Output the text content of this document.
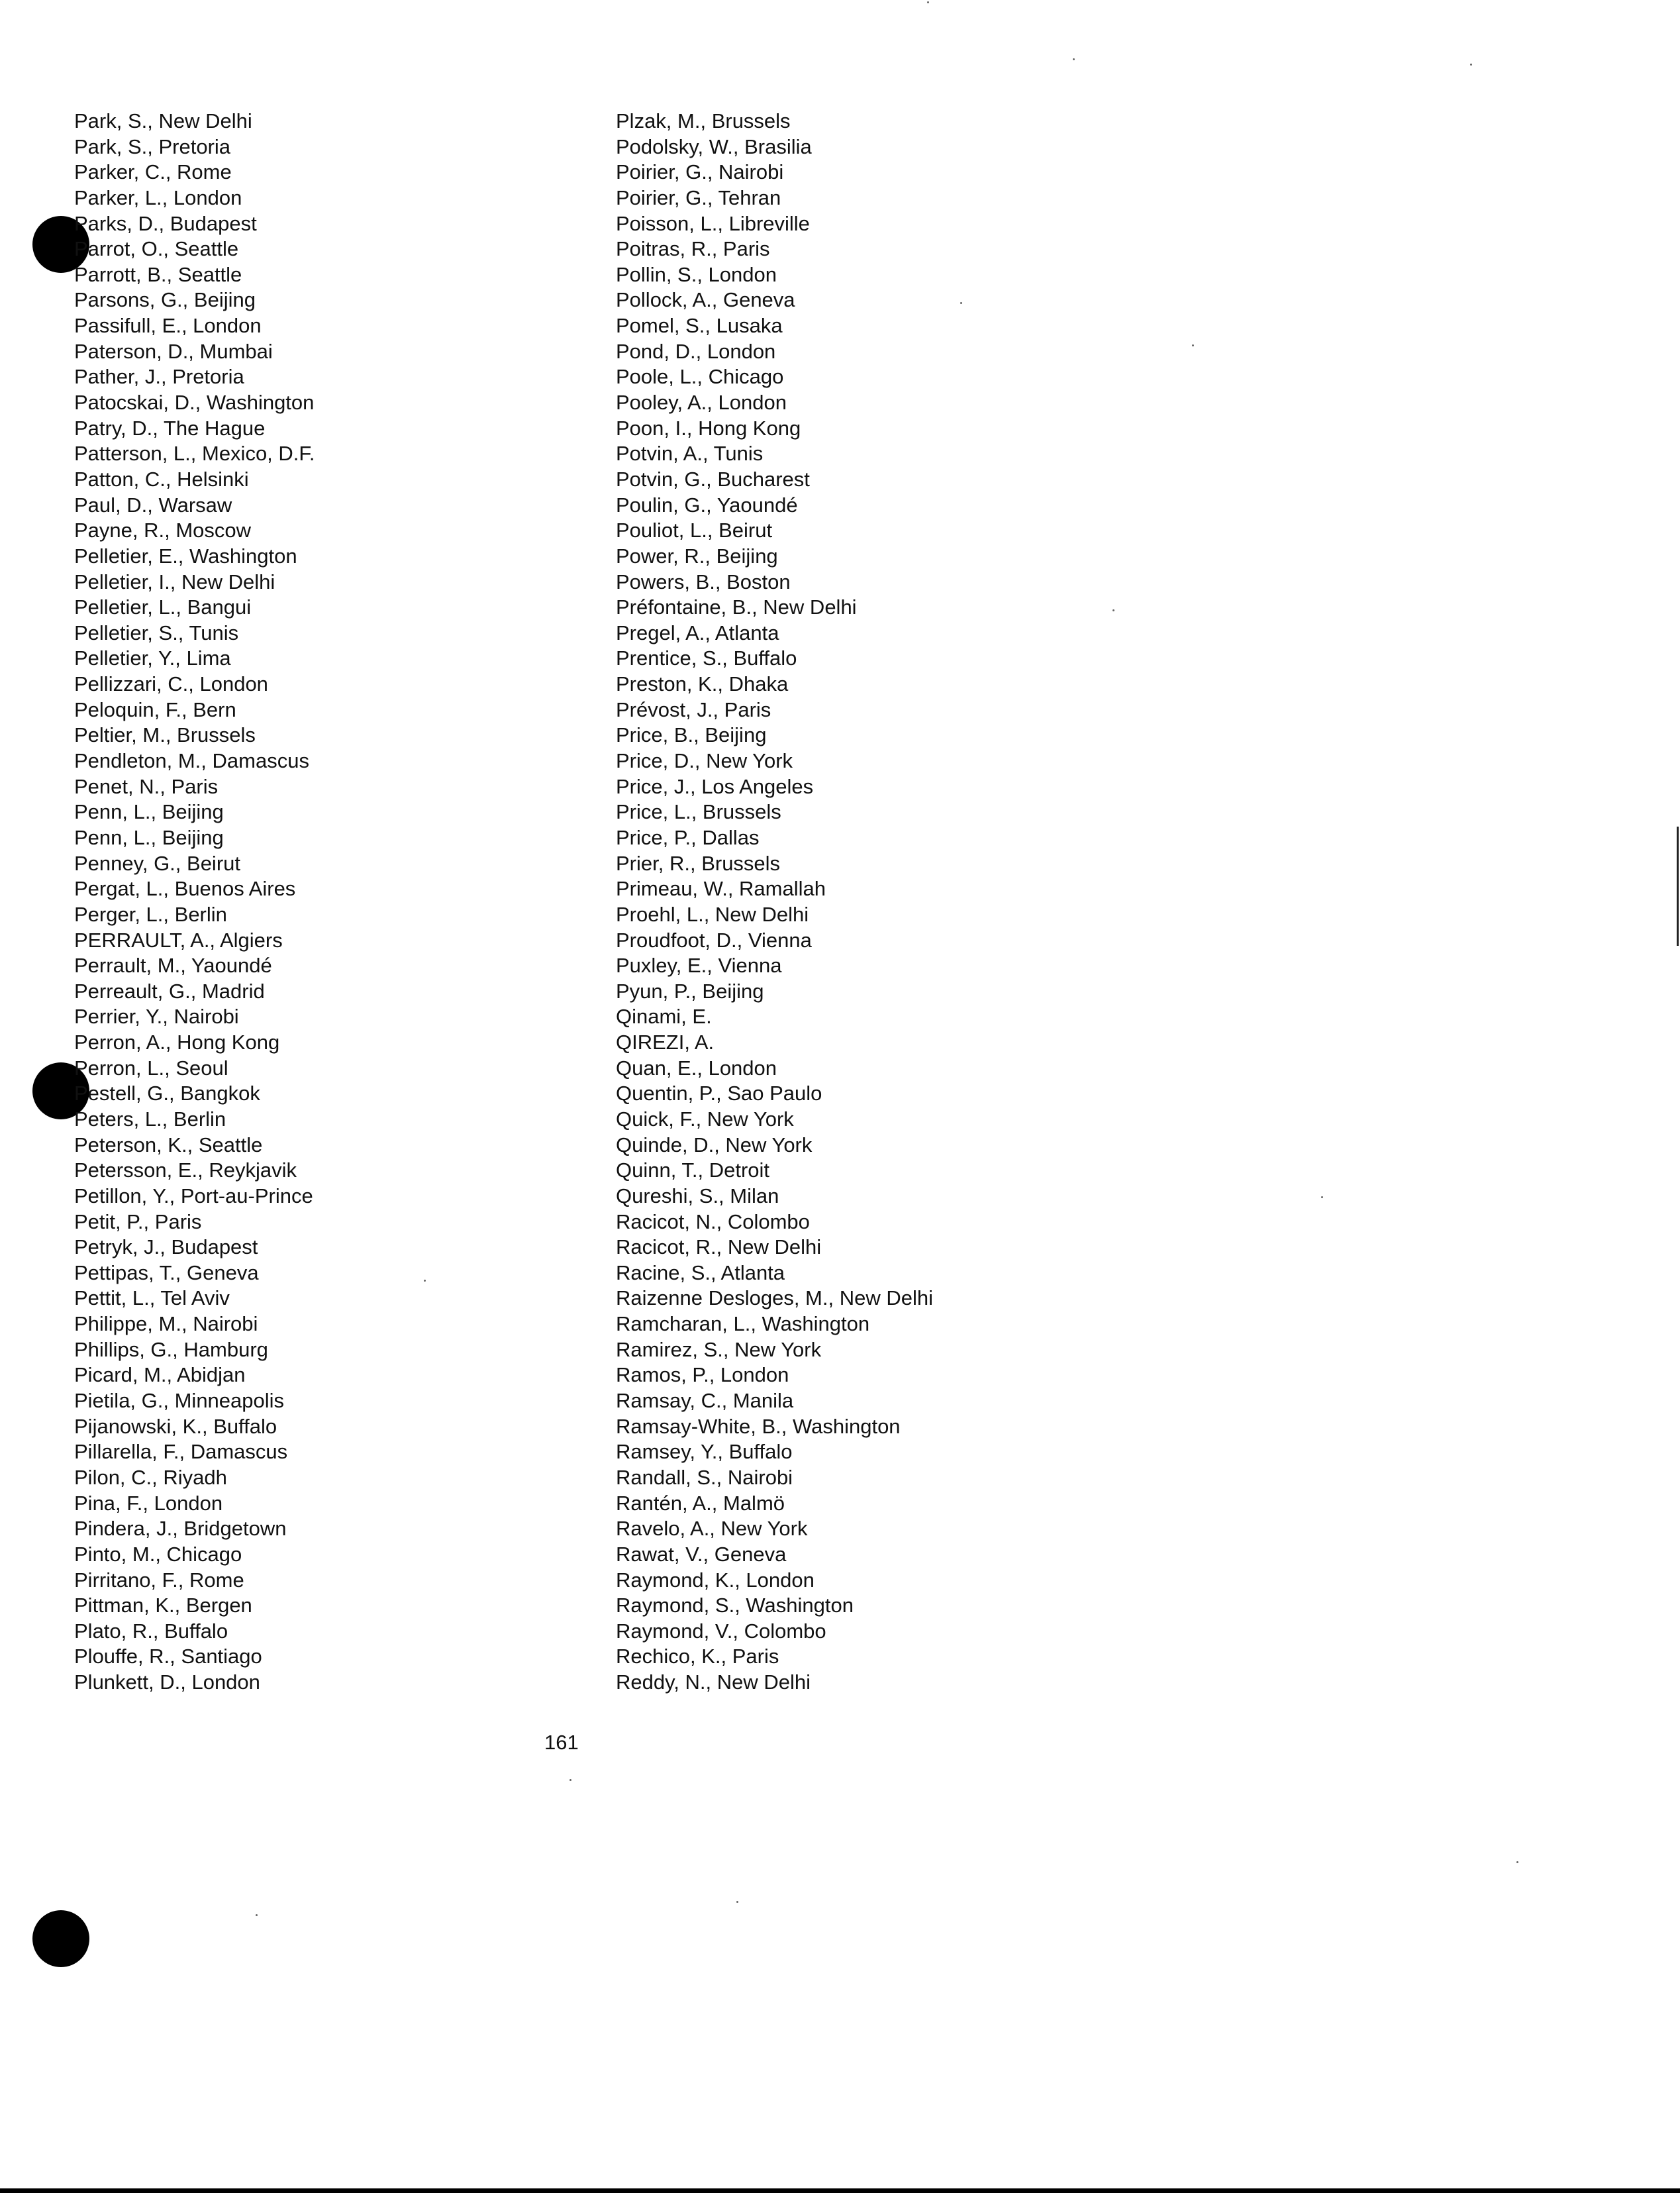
Park, S., New Delhi
Park, S., Pretoria
Parker, C., Rome
Parker, L., London
Parks, D., Budapest
Parrot, O., Seattle
Parrott, B., Seattle
Parsons, G., Beijing
Passifull, E., London
Paterson, D., Mumbai
Pather, J., Pretoria
Patocskai, D., Washington
Patry, D., The Hague
Patterson, L., Mexico, D.F.
Patton, C., Helsinki
Paul, D., Warsaw
Payne, R., Moscow
Pelletier, E., Washington
Pelletier, I., New Delhi
Pelletier, L., Bangui
Pelletier, S., Tunis
Pelletier, Y., Lima
Pellizzari, C., London
Peloquin, F., Bern
Peltier, M., Brussels
Pendleton, M., Damascus
Penet, N., Paris
Penn, L., Beijing
Penn, L., Beijing
Penney, G., Beirut
Pergat, L., Buenos Aires
Perger, L., Berlin
PERRAULT, A., Algiers
Perrault, M., Yaoundé
Perreault, G., Madrid
Perrier, Y., Nairobi
Perron, A., Hong Kong
Perron, L., Seoul
Pestell, G., Bangkok
Peters, L., Berlin
Peterson, K., Seattle
Petersson, E., Reykjavik
Petillon, Y., Port-au-Prince
Petit, P., Paris
Petryk, J., Budapest
Pettipas, T., Geneva
Pettit, L., Tel Aviv
Philippe, M., Nairobi
Phillips, G., Hamburg
Picard, M., Abidjan
Pietila, G., Minneapolis
Pijanowski, K., Buffalo
Pillarella, F., Damascus
Pilon, C., Riyadh
Pina, F., London
Pindera, J., Bridgetown
Pinto, M., Chicago
Pirritano, F., Rome
Pittman, K., Bergen
Plato, R., Buffalo
Plouffe, R., Santiago
Plunkett, D., London
Plzak, M., Brussels
Podolsky, W., Brasilia
Poirier, G., Nairobi
Poirier, G., Tehran
Poisson, L., Libreville
Poitras, R., Paris
Pollin, S., London
Pollock, A., Geneva
Pomel, S., Lusaka
Pond, D., London
Poole, L., Chicago
Pooley, A., London
Poon, I., Hong Kong
Potvin, A., Tunis
Potvin, G., Bucharest
Poulin, G., Yaoundé
Pouliot, L., Beirut
Power, R., Beijing
Powers, B., Boston
Préfontaine, B., New Delhi
Pregel, A., Atlanta
Prentice, S., Buffalo
Preston, K., Dhaka
Prévost, J., Paris
Price, B., Beijing
Price, D., New York
Price, J., Los Angeles
Price, L., Brussels
Price, P., Dallas
Prier, R., Brussels
Primeau, W., Ramallah
Proehl, L., New Delhi
Proudfoot, D., Vienna
Puxley, E., Vienna
Pyun, P., Beijing
Qinami, E.
QIREZI, A.
Quan, E., London
Quentin, P., Sao Paulo
Quick, F., New York
Quinde, D., New York
Quinn, T., Detroit
Qureshi, S., Milan
Racicot, N., Colombo
Racicot, R., New Delhi
Racine, S., Atlanta
Raizenne Desloges, M., New Delhi
Ramcharan, L., Washington
Ramirez, S., New York
Ramos, P., London
Ramsay, C., Manila
Ramsay-White, B., Washington
Ramsey, Y., Buffalo
Randall, S., Nairobi
Rantén, A., Malmö
Ravelo, A., New York
Rawat, V., Geneva
Raymond, K., London
Raymond, S., Washington
Raymond, V., Colombo
Rechico, K., Paris
Reddy, N., New Delhi
161
